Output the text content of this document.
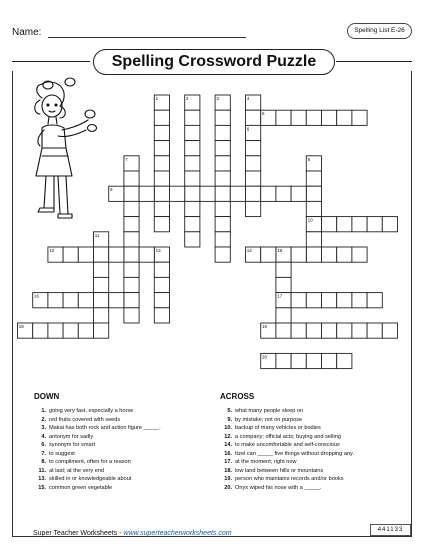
Name:	Spelling List E-26
Spelling Crossword Puzzle
1	2	3	4
5
6
7	8
9
10
11
12	13	14	15
16	17
18	19
20
DOWN
1. going very fast, especially a horse
2. red fruits covered with seeds
3. Makai has both rock and action figure _____.
4. antonym for sadly
6. synonym for smart
7. to suggest
8. to compliment, often for a reason
11. at last; at the very end
13. skilled in or knowledgeable about
15. common green vegetable
ACROSS
5. what many people sleep on
9. by mistake; not on purpose
10. backup of many vehicles or bodies
12. a company; official acts; buying and selling
14. to make uncomfortable and self-conscious
16. Itzel can _____ five things without dropping any.
17. at the moment; right now
18. low land between hills or mountains
19. person who maintains records and/or books
20. Onyx wiped his nose with a _____.
Super Teacher Worksheets - www.superteacherworksheets.com	441133
